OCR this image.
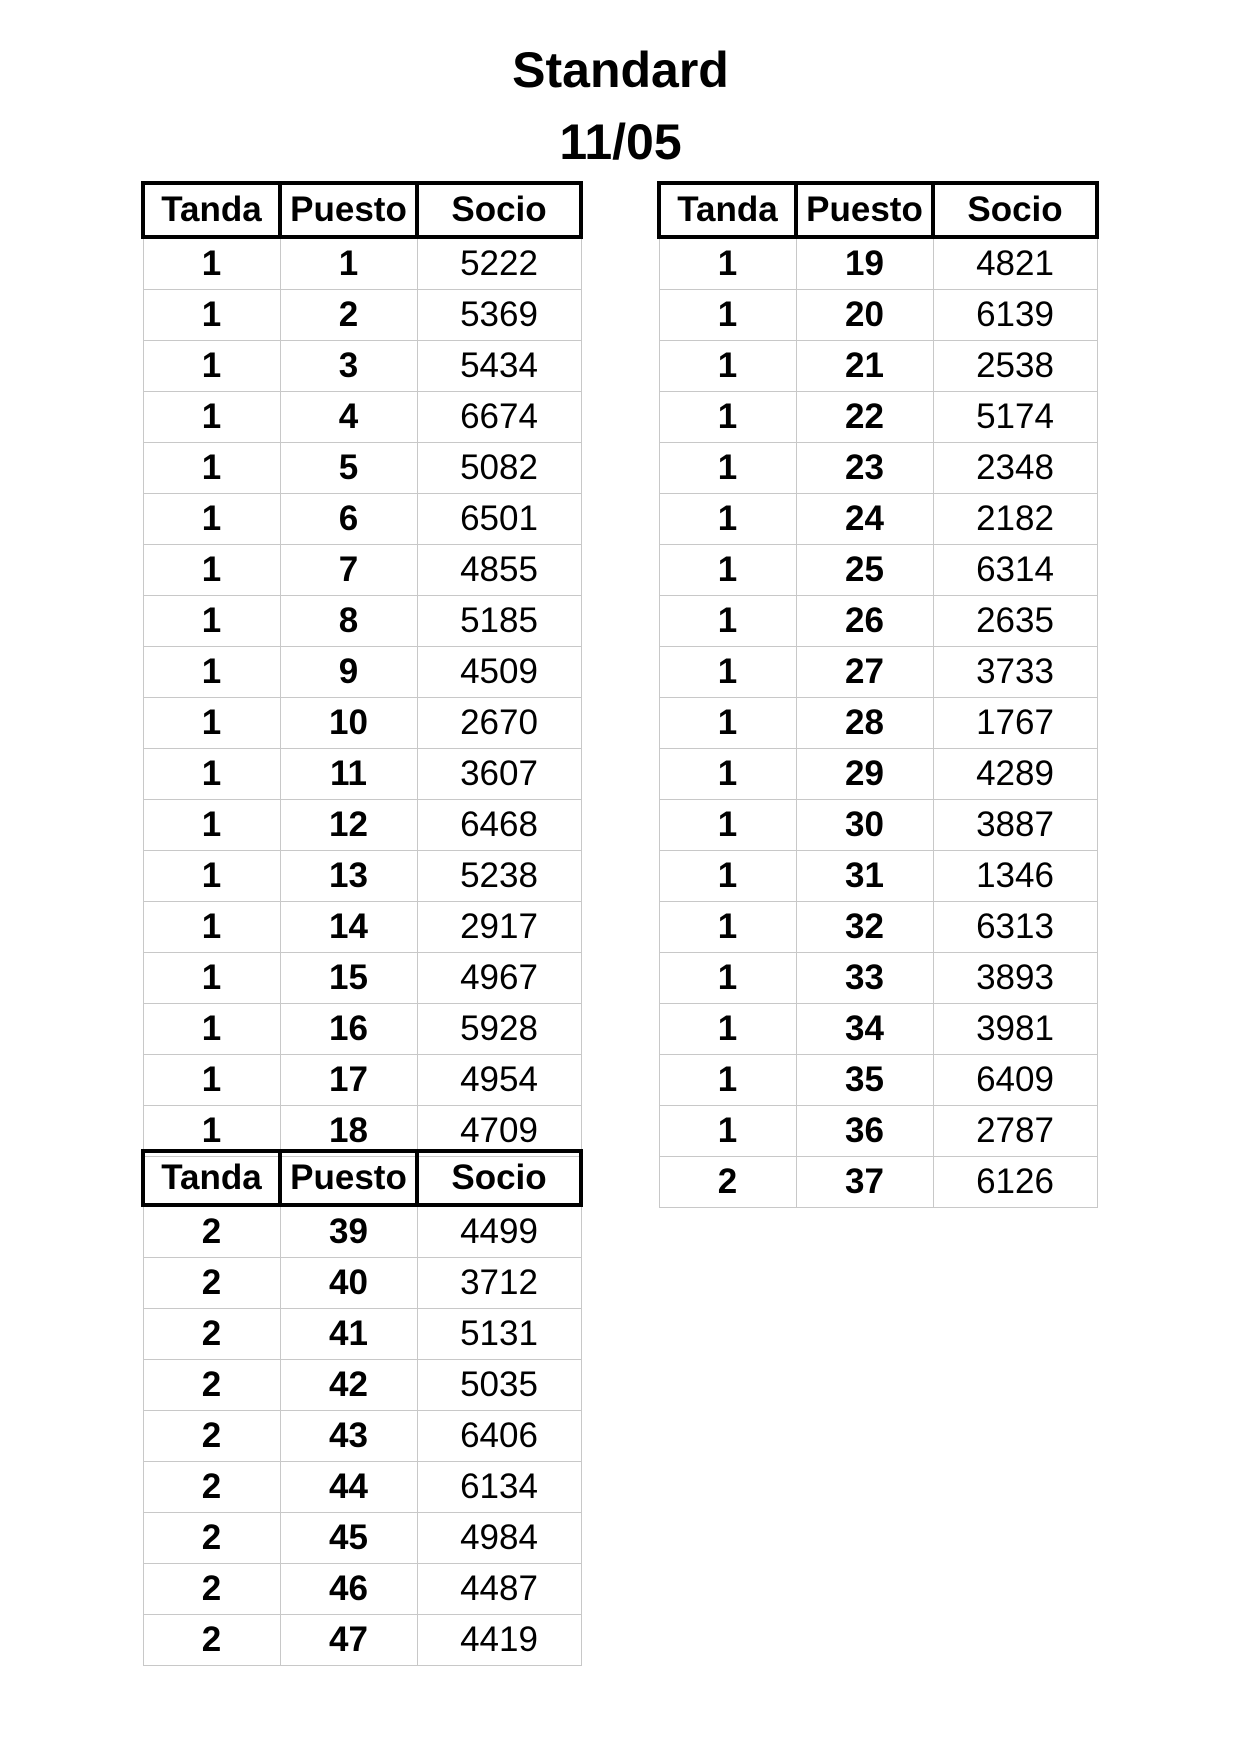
Standard
11/05
Tanda	Puesto	Socio
1	1	5222
1	2	5369
1	3	5434
1	4	6674
1	5	5082
1	6	6501
1	7	4855
1	8	5185
1	9	4509
1	10	2670
1	11	3607
1	12	6468
1	13	5238
1	14	2917
1	15	4967
1	16	5928
1	17	4954
1	18	4709
Tanda	Puesto	Socio
2	39	4499
2	40	3712
2	41	5131
2	42	5035
2	43	6406
2	44	6134
2	45	4984
2	46	4487
2	47	4419
Tanda	Puesto	Socio
1	19	4821
1	20	6139
1	21	2538
1	22	5174
1	23	2348
1	24	2182
1	25	6314
1	26	2635
1	27	3733
1	28	1767
1	29	4289
1	30	3887
1	31	1346
1	32	6313
1	33	3893
1	34	3981
1	35	6409
1	36	2787
2	37	6126
